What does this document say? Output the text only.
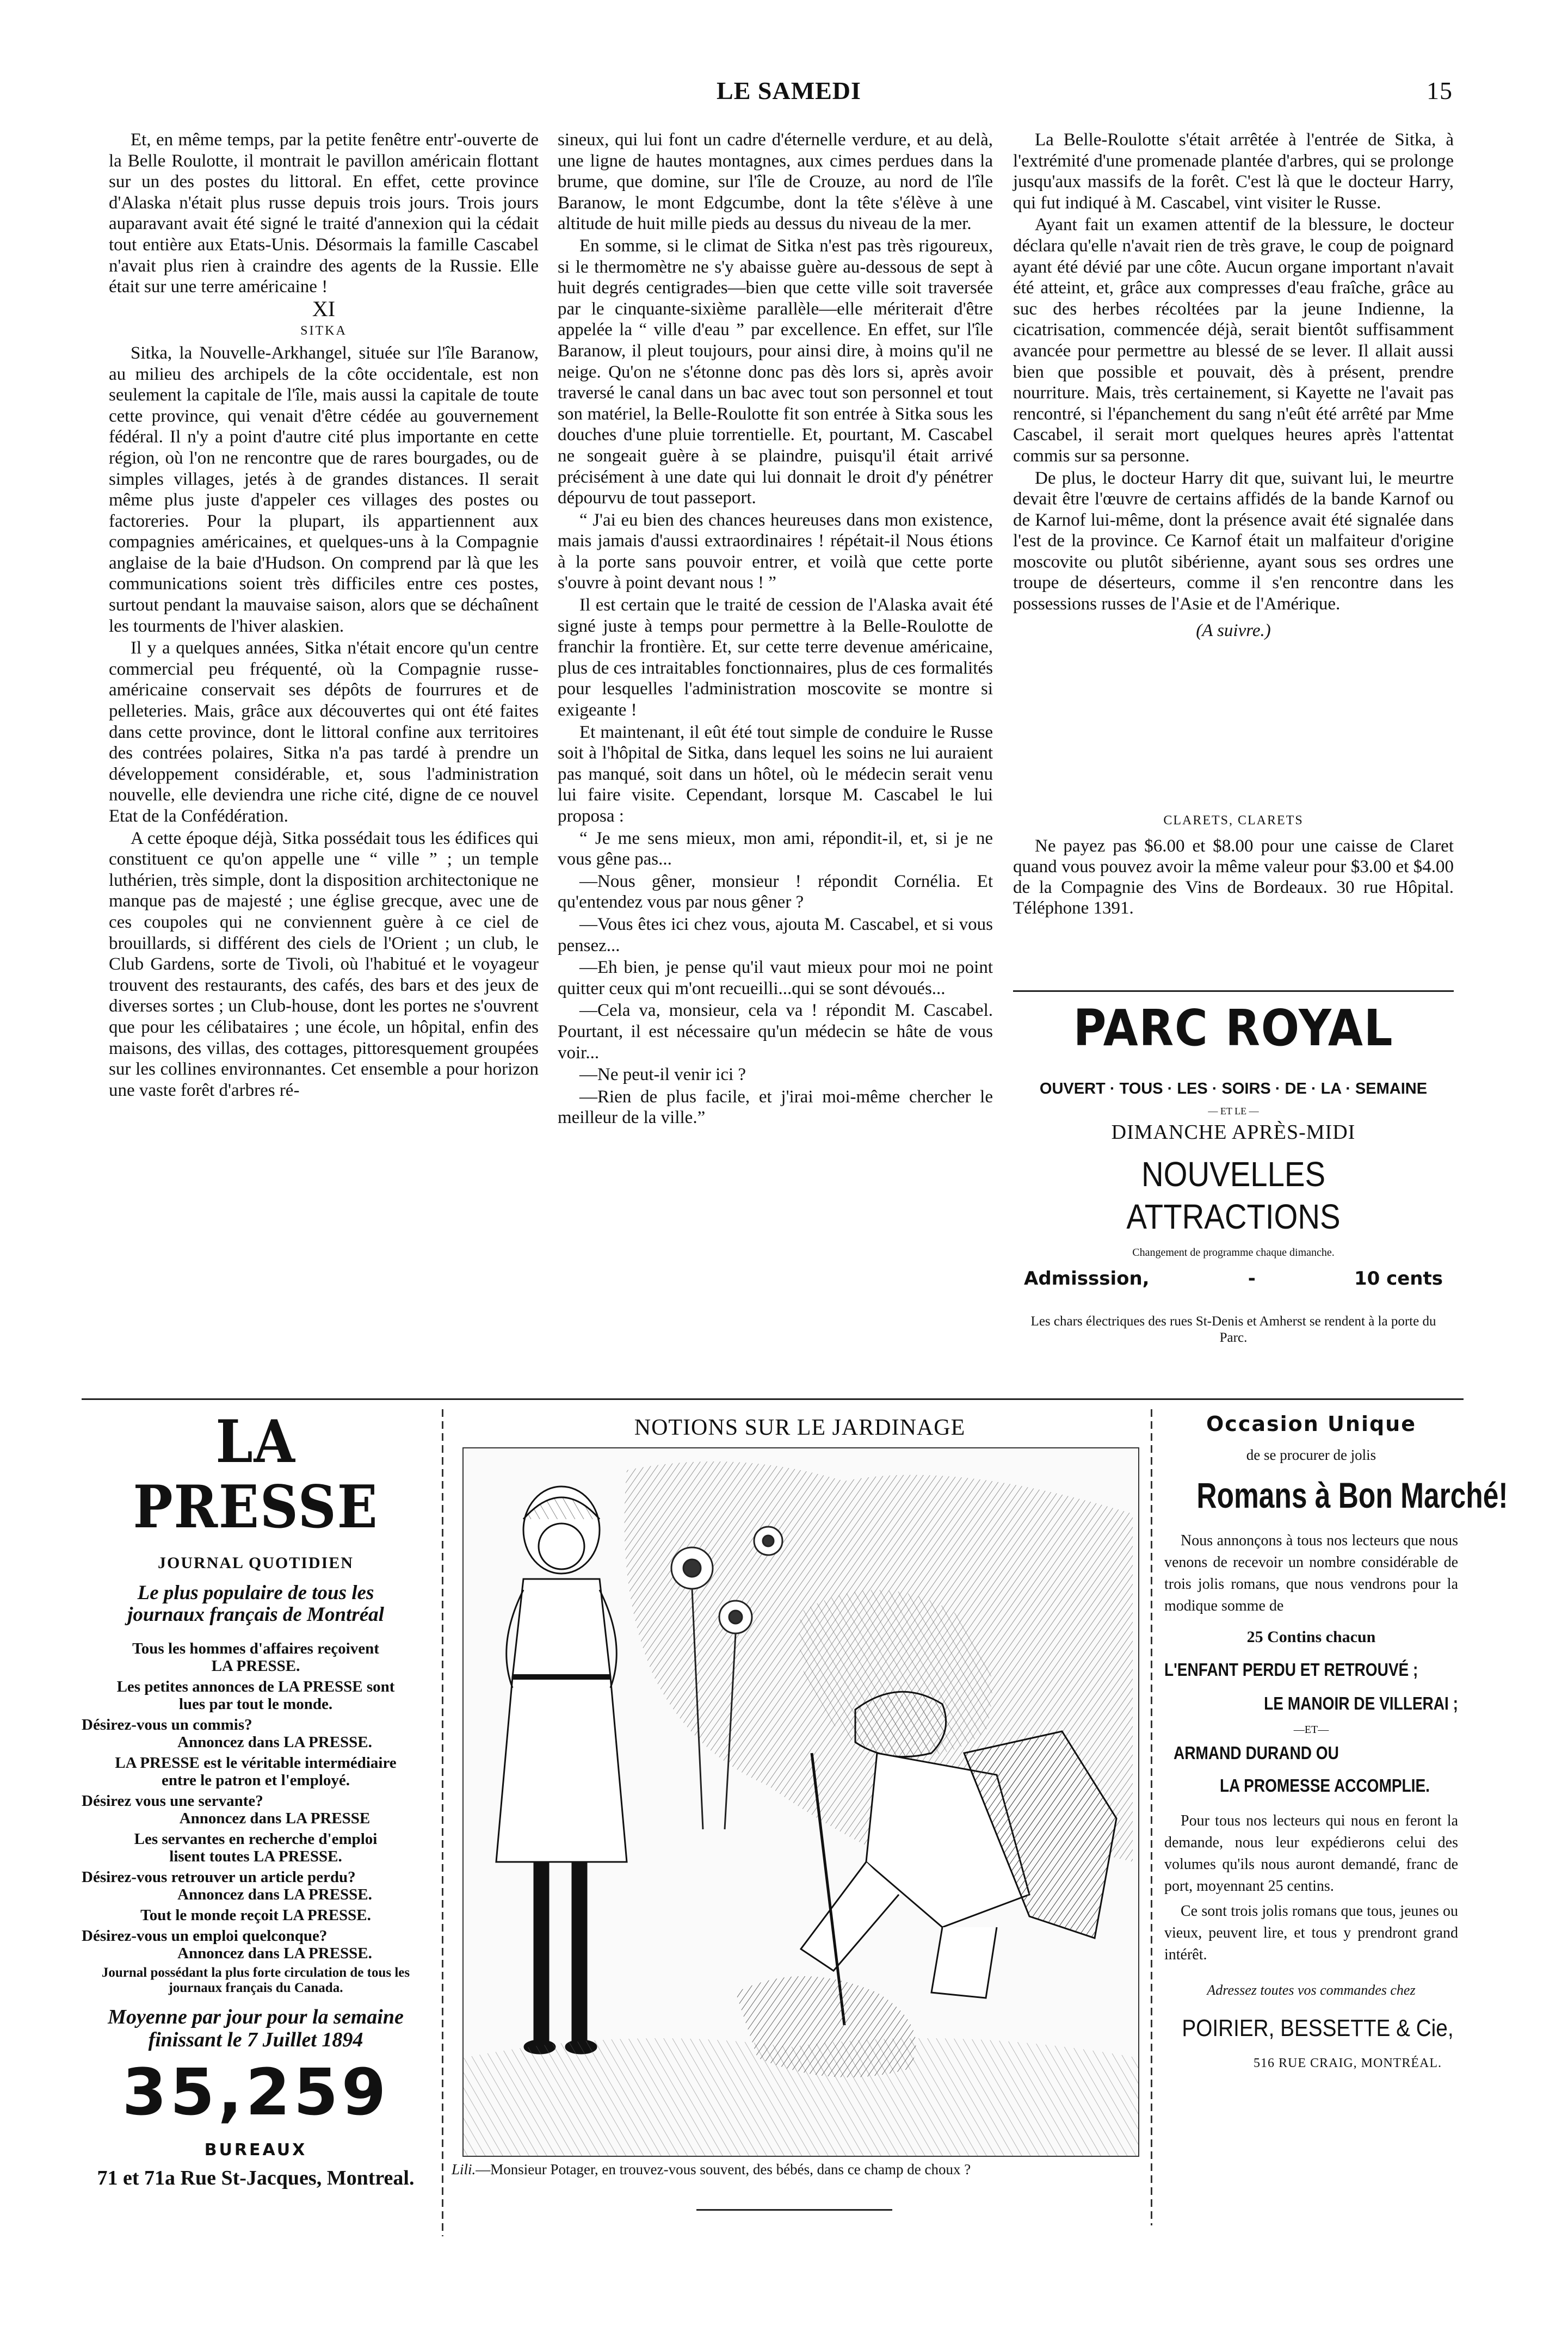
LE SAMEDI	15

Et, en même temps, par la petite fenêtre entr'-ouverte de la Belle Roulotte, il montrait le pavillon américain flottant sur un des postes du littoral. En effet, cette province d'Alaska n'était plus russe depuis trois jours. Trois jours auparavant avait été signé le traité d'annexion qui la cédait tout entière aux Etats-Unis. Désormais la famille Cascabel n'avait plus rien à craindre des agents de la Russie. Elle était sur une terre américaine !

XI

SITKA

Sitka, la Nouvelle-Arkhangel, située sur l'île Baranow, au milieu des archipels de la côte occidentale, est non seulement la capitale de l'île, mais aussi la capitale de toute cette province, qui venait d'être cédée au gouvernement fédéral. Il n'y a point d'autre cité plus importante en cette région, où l'on ne rencontre que de rares bourgades, ou de simples villages, jetés à de grandes distances. Il serait même plus juste d'appeler ces villages des postes ou factoreries. Pour la plupart, ils appartiennent aux compagnies américaines, et quelques-uns à la Compagnie anglaise de la baie d'Hudson. On comprend par là que les communications soient très difficiles entre ces postes, surtout pendant la mauvaise saison, alors que se déchaînent les tourments de l'hiver alaskien.

Il y a quelques années, Sitka n'était encore qu'un centre commercial peu fréquenté, où la Compagnie russe-américaine conservait ses dépôts de fourrures et de pelleteries. Mais, grâce aux découvertes qui ont été faites dans cette province, dont le littoral confine aux territoires des contrées polaires, Sitka n'a pas tardé à prendre un développement considérable, et, sous l'administration nouvelle, elle deviendra une riche cité, digne de ce nouvel Etat de la Confédération.

A cette époque déjà, Sitka possédait tous les édifices qui constituent ce qu'on appelle une “ ville ” ; un temple luthérien, très simple, dont la disposition architectonique ne manque pas de majesté ; une église grecque, avec une de ces coupoles qui ne conviennent guère à ce ciel de brouillards, si différent des ciels de l'Orient ; un club, le Club Gardens, sorte de Tivoli, où l'habitué et le voyageur trouvent des restaurants, des cafés, des bars et des jeux de diverses sortes ; un Club-house, dont les portes ne s'ouvrent que pour les célibataires ; une école, un hôpital, enfin des maisons, des villas, des cottages, pittoresquement groupées sur les collines environnantes. Cet ensemble a pour horizon une vaste forêt d'arbres ré-

sineux, qui lui font un cadre d'éternelle verdure, et au delà, une ligne de hautes montagnes, aux cimes perdues dans la brume, que domine, sur l'île de Crouze, au nord de l'île Baranow, le mont Edgcumbe, dont la tête s'élève à une altitude de huit mille pieds au dessus du niveau de la mer.

En somme, si le climat de Sitka n'est pas très rigoureux, si le thermomètre ne s'y abaisse guère au-dessous de sept à huit degrés centigrades—bien que cette ville soit traversée par le cinquante-sixième parallèle—elle mériterait d'être appelée la “ ville d'eau ” par excellence. En effet, sur l'île Baranow, il pleut toujours, pour ainsi dire, à moins qu'il ne neige. Qu'on ne s'étonne donc pas dès lors si, après avoir traversé le canal dans un bac avec tout son personnel et tout son matériel, la Belle-Roulotte fit son entrée à Sitka sous les douches d'une pluie torrentielle. Et, pourtant, M. Cascabel ne songeait guère à se plaindre, puisqu'il était arrivé précisément à une date qui lui donnait le droit d'y pénétrer dépourvu de tout passeport.

“ J'ai eu bien des chances heureuses dans mon existence, mais jamais d'aussi extraordinaires ! répétait-il Nous étions à la porte sans pouvoir entrer, et voilà que cette porte s'ouvre à point devant nous ! ”

Il est certain que le traité de cession de l'Alaska avait été signé juste à temps pour permettre à la Belle-Roulotte de franchir la frontière. Et, sur cette terre devenue américaine, plus de ces intraitables fonctionnaires, plus de ces formalités pour lesquelles l'administration moscovite se montre si exigeante !

Et maintenant, il eût été tout simple de conduire le Russe soit à l'hôpital de Sitka, dans lequel les soins ne lui auraient pas manqué, soit dans un hôtel, où le médecin serait venu lui faire visite. Cependant, lorsque M. Cascabel le lui proposa :

“ Je me sens mieux, mon ami, répondit-il, et, si je ne vous gêne pas...

—Nous gêner, monsieur ! répondit Cornélia. Et qu'entendez vous par nous gêner ?

—Vous êtes ici chez vous, ajouta M. Cascabel, et si vous pensez...

—Eh bien, je pense qu'il vaut mieux pour moi ne point quitter ceux qui m'ont recueilli...qui se sont dévoués...

—Cela va, monsieur, cela va ! répondit M. Cascabel. Pourtant, il est nécessaire qu'un médecin se hâte de vous voir...

—Ne peut-il venir ici ?

—Rien de plus facile, et j'irai moi-même chercher le meilleur de la ville.”

La Belle-Roulotte s'était arrêtée à l'entrée de Sitka, à l'extrémité d'une promenade plantée d'arbres, qui se prolonge jusqu'aux massifs de la forêt. C'est là que le docteur Harry, qui fut indiqué à M. Cascabel, vint visiter le Russe.

Ayant fait un examen attentif de la blessure, le docteur déclara qu'elle n'avait rien de très grave, le coup de poignard ayant été dévié par une côte. Aucun organe important n'avait été atteint, et, grâce aux compresses d'eau fraîche, grâce au suc des herbes récoltées par la jeune Indienne, la cicatrisation, commencée déjà, serait bientôt suffisamment avancée pour permettre au blessé de se lever. Il allait aussi bien que possible et pouvait, dès à présent, prendre nourriture. Mais, très certainement, si Kayette ne l'avait pas rencontré, si l'épanchement du sang n'eût été arrêté par Mme Cascabel, il serait mort quelques heures après l'attentat commis sur sa personne.

De plus, le docteur Harry dit que, suivant lui, le meurtre devait être l'œuvre de certains affidés de la bande Karnof ou de Karnof lui-même, dont la présence avait été signalée dans l'est de la province. Ce Karnof était un malfaiteur d'origine moscovite ou plutôt sibérienne, ayant sous ses ordres une troupe de déserteurs, comme il s'en rencontre dans les possessions russes de l'Asie et de l'Amérique.

(A suivre.)

CLARETS, CLARETS
Ne payez pas $6.00 et $8.00 pour une caisse de Claret quand vous pouvez avoir la même valeur pour $3.00 et $4.00 de la Compagnie des Vins de Bordeaux. 30 rue Hôpital. Téléphone 1391.
PARC ROYAL
OUVERT · TOUS · LES · SOIRS · DE · LA · SEMAINE
— ET LE —
DIMANCHE APRÈS-MIDI
NOUVELLES ATTRACTIONS
Changement de programme chaque dimanche.
Admisssion,	-	10 cents
Les chars électriques des rues St-Denis et Amherst se rendent à la porte du Parc.
LA PRESSE
JOURNAL QUOTIDIEN
Le plus populaire de tous les journaux français de Montréal
Tous les hommes d'affaires reçoivent
LA PRESSE.
Les petites annonces de LA PRESSE sont
lues par tout le monde.
Désirez-vous un commis?
Annoncez dans LA PRESSE.
LA PRESSE est le véritable intermédiaire entre le patron et l'employé.
Désirez vous une servante?
Annoncez dans LA PRESSE
Les servantes en recherche d'emploi
lisent toutes LA PRESSE.
Désirez-vous retrouver un article perdu?
Annoncez dans LA PRESSE.
Tout le monde reçoit LA PRESSE.
Désirez-vous un emploi quelconque?
Annoncez dans LA PRESSE.
Journal possédant la plus forte circulation de tous les journaux français du Canada.
Moyenne par jour pour la semaine finissant le 7 Juillet 1894
35,259
BUREAUX
71 et 71a Rue St-Jacques, Montreal.
NOTIONS SUR LE JARDINAGE
Lili.—Monsieur Potager, en trouvez-vous souvent, des bébés, dans ce champ de choux ?
Occasion Unique
de se procurer de jolis
Romans à Bon Marché!
Nous annonçons à tous nos lecteurs que nous venons de recevoir un nombre considérable de trois jolis romans, que nous vendrons pour la modique somme de
25 Contins chacun
L'ENFANT PERDU ET RETROUVÉ ;
LE MANOIR DE VILLERAI ;
—ET—
ARMAND DURAND OU
LA PROMESSE ACCOMPLIE.
Pour tous nos lecteurs qui nous en feront la demande, nous leur expédierons celui des volumes qu'ils nous auront demandé, franc de port, moyennant 25 centins.
Ce sont trois jolis romans que tous, jeunes ou vieux, peuvent lire, et tous y prendront grand intérêt.
Adressez toutes vos commandes chez
POIRIER, BESSETTE & Cie,
516 RUE CRAIG, MONTRÉAL.
